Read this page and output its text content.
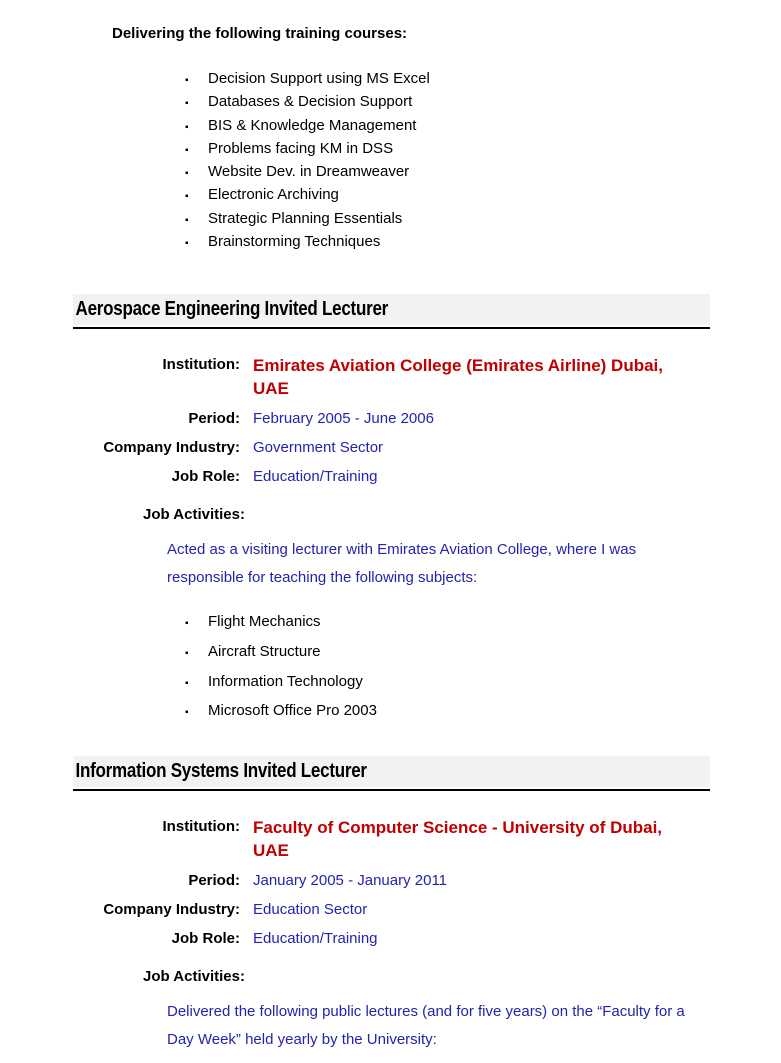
Delivering the following training courses:
▪	Decision Support using MS Excel
▪	Databases & Decision Support
▪	BIS & Knowledge Management
▪	Problems facing KM in DSS
▪	Website Dev. in Dreamweaver
▪	Electronic Archiving
▪	Strategic Planning Essentials
▪	Brainstorming Techniques
Aerospace Engineering Invited Lecturer
Institution: Emirates Aviation College (Emirates Airline) Dubai, UAE
Period: February 2005 - June 2006
Company Industry: Government Sector
Job Role: Education/Training
Job Activities:

Acted as a visiting lecturer with Emirates Aviation College, where I was responsible for teaching the following subjects:

▪	Flight Mechanics
▪	Aircraft Structure
▪	Information Technology
▪	Microsoft Office Pro 2003
Information Systems Invited Lecturer
Institution: Faculty of Computer Science - University of Dubai,  UAE
Period: January 2005 - January 2011
Company Industry: Education Sector
Job Role: Education/Training
Job Activities:

Delivered the following public lectures (and for five years) on the “Faculty for a Day Week” held yearly by the University:
